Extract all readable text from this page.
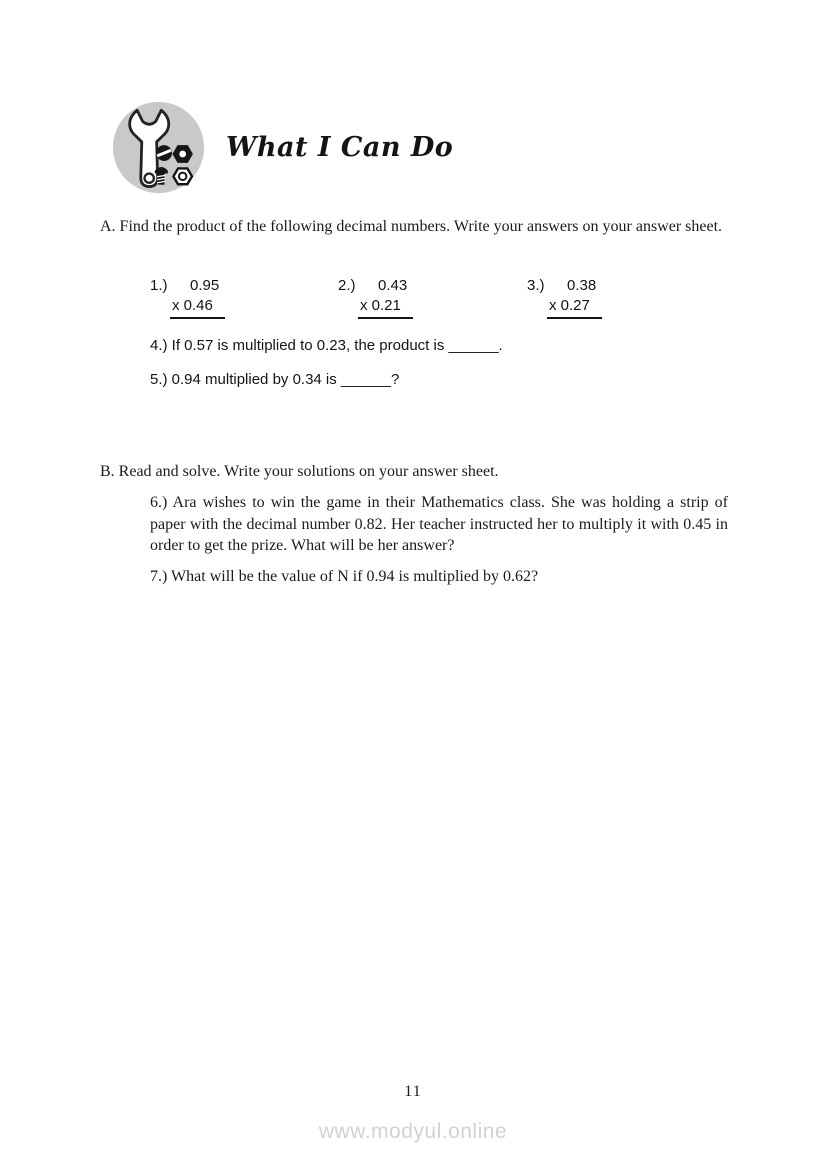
What I Can Do

A. Find the product of the following decimal numbers. Write your answers on your answer sheet.

1.)	0.95
x 0.46
2.)	0.43
x 0.21
3.)	0.38
x 0.27
4.) If 0.57 is multiplied to 0.23, the product is ______.
5.) 0.94 multiplied by 0.34 is ______?

B. Read and solve. Write your solutions on your answer sheet.

6.) Ara wishes to win the game in their Mathematics class. She was holding a strip of paper with the decimal number 0.82. Her teacher instructed her to multiply it with 0.45 in order to get the prize. What will be her answer?

7.) What will be the value of N if 0.94 is multiplied by 0.62?

11
www.modyul.online
